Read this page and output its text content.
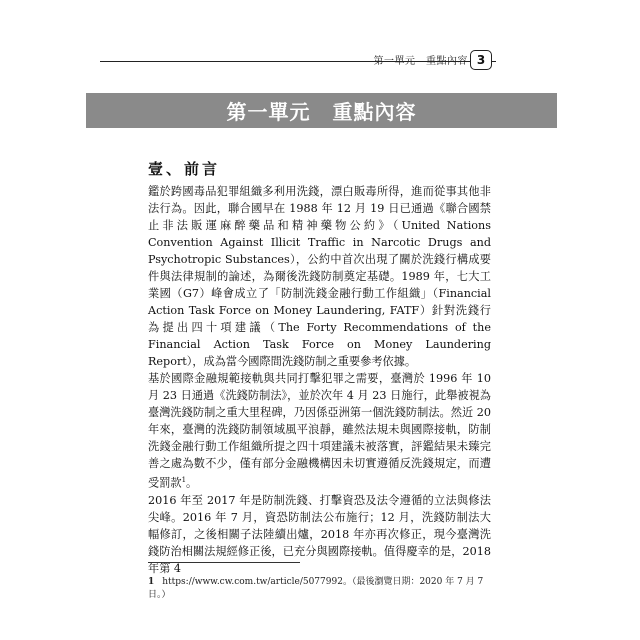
第一單元　重點內容 3
第一單元 重點內容
壹、前言

鑑於跨國毒品犯罪組織多利用洗錢，漂白販毒所得，進而從事其他非法行為。因此，聯合國早在 1988 年 12 月 19 日已通過《聯合國禁止非法販運麻醉藥品和精神藥物公約》（United Nations Convention Against Illicit Traffic in Narcotic Drugs and Psychotropic Substances），公約中首次出現了關於洗錢行構成要件與法律規制的論述，為爾後洗錢防制奠定基礎。1989 年，七大工業國（G7）峰會成立了「防制洗錢金融行動工作組織」（Financial Action Task Force on Money Laundering, FATF）針對洗錢行為提出四十項建議（The Forty Recommendations of the Financial Action Task Force on Money Laundering Report），成為當今國際間洗錢防制之重要參考依據。

基於國際金融規範接軌與共同打擊犯罪之需要，臺灣於 1996 年 10 月 23 日通過《洗錢防制法》，並於次年 4 月 23 日施行，此舉被視為臺灣洗錢防制之重大里程碑，乃因係亞洲第一個洗錢防制法。然近 20 年來，臺灣的洗錢防制領域風平浪靜，雖然法規未與國際接軌，防制洗錢金融行動工作組織所提之四十項建議未被落實，評鑑結果未臻完善之處為數不少，僅有部分金融機構因未切實遵循反洗錢規定，而遭受罰款$^1$。

2016 年至 2017 年是防制洗錢、打擊資恐及法令遵循的立法與修法尖峰。2016 年 7 月，資恐防制法公布施行；12 月，洗錢防制法大幅修訂，之後相關子法陸續出爐，2018 年亦再次修正，現今臺灣洗錢防治相關法規經修正後，已充分與國際接軌。值得慶幸的是，2018 年第 4

1 https://www.cw.com.tw/article/5077992。（最後瀏覽日期：2020 年 7 月 7 日。）
